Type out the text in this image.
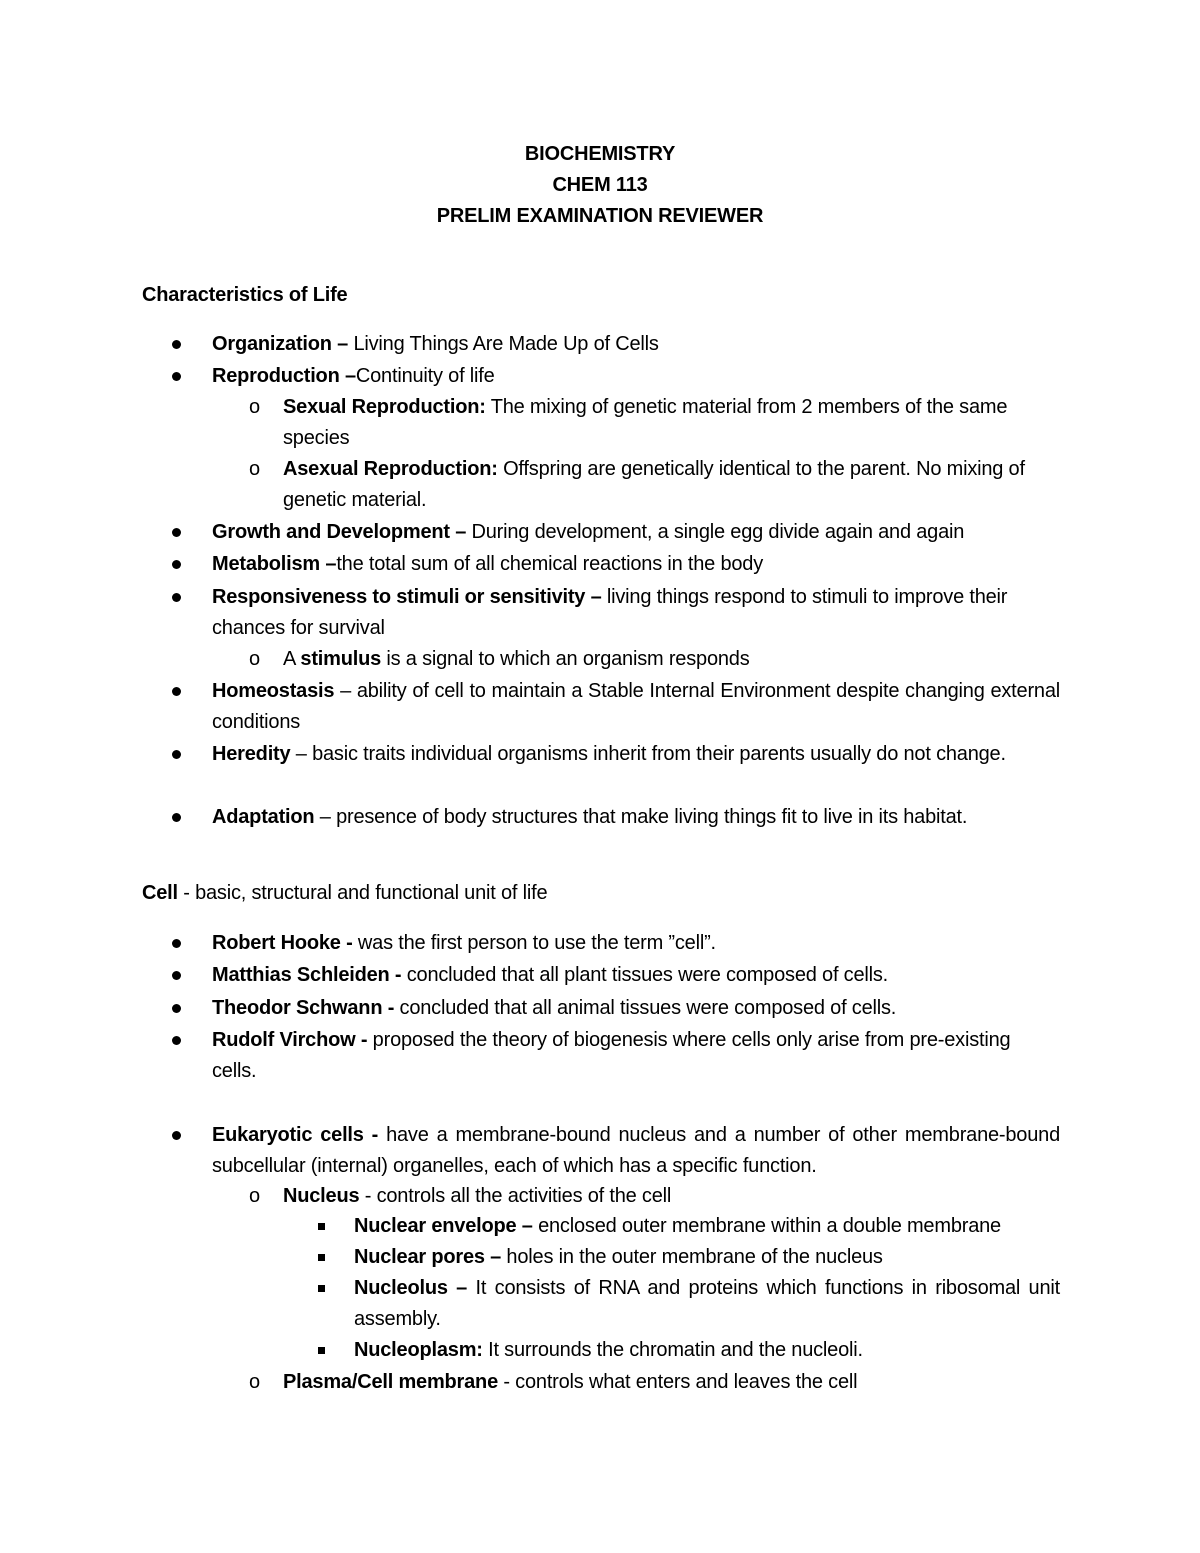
BIOCHEMISTRY

CHEM 113

PRELIM EXAMINATION REVIEWER

Characteristics of Life

Organization – Living Things Are Made Up of Cells

Reproduction –Continuity of life

o Sexual Reproduction: The mixing of genetic material from 2 members of the same species

o Asexual Reproduction: Offspring are genetically identical to the parent. No mixing of genetic material.

Growth and Development – During development, a single egg divide again and again

Metabolism –the total sum of all chemical reactions in the body

Responsiveness to stimuli or sensitivity – living things respond to stimuli to improve their chances for survival

o A stimulus is a signal to which an organism responds

Homeostasis – ability of cell to maintain a Stable Internal Environment despite changing external conditions

Heredity – basic traits individual organisms inherit from their parents usually do not change.

Adaptation – presence of body structures that make living things fit to live in its habitat.

Cell - basic, structural and functional unit of life

Robert Hooke - was the first person to use the term ”cell”.

Matthias Schleiden - concluded that all plant tissues were composed of cells.

Theodor Schwann - concluded that all animal tissues were composed of cells.

Rudolf Virchow - proposed the theory of biogenesis where cells only arise from pre-existing cells.

Eukaryotic cells - have a membrane-bound nucleus and a number of other membrane-bound subcellular (internal) organelles, each of which has a specific function.

o Nucleus - controls all the activities of the cell

Nuclear envelope – enclosed outer membrane within a double membrane

Nuclear pores – holes in the outer membrane of the nucleus

Nucleolus – It consists of RNA and proteins which functions in ribosomal unit assembly.

Nucleoplasm: It surrounds the chromatin and the nucleoli.

o Plasma/Cell membrane - controls what enters and leaves the cell
